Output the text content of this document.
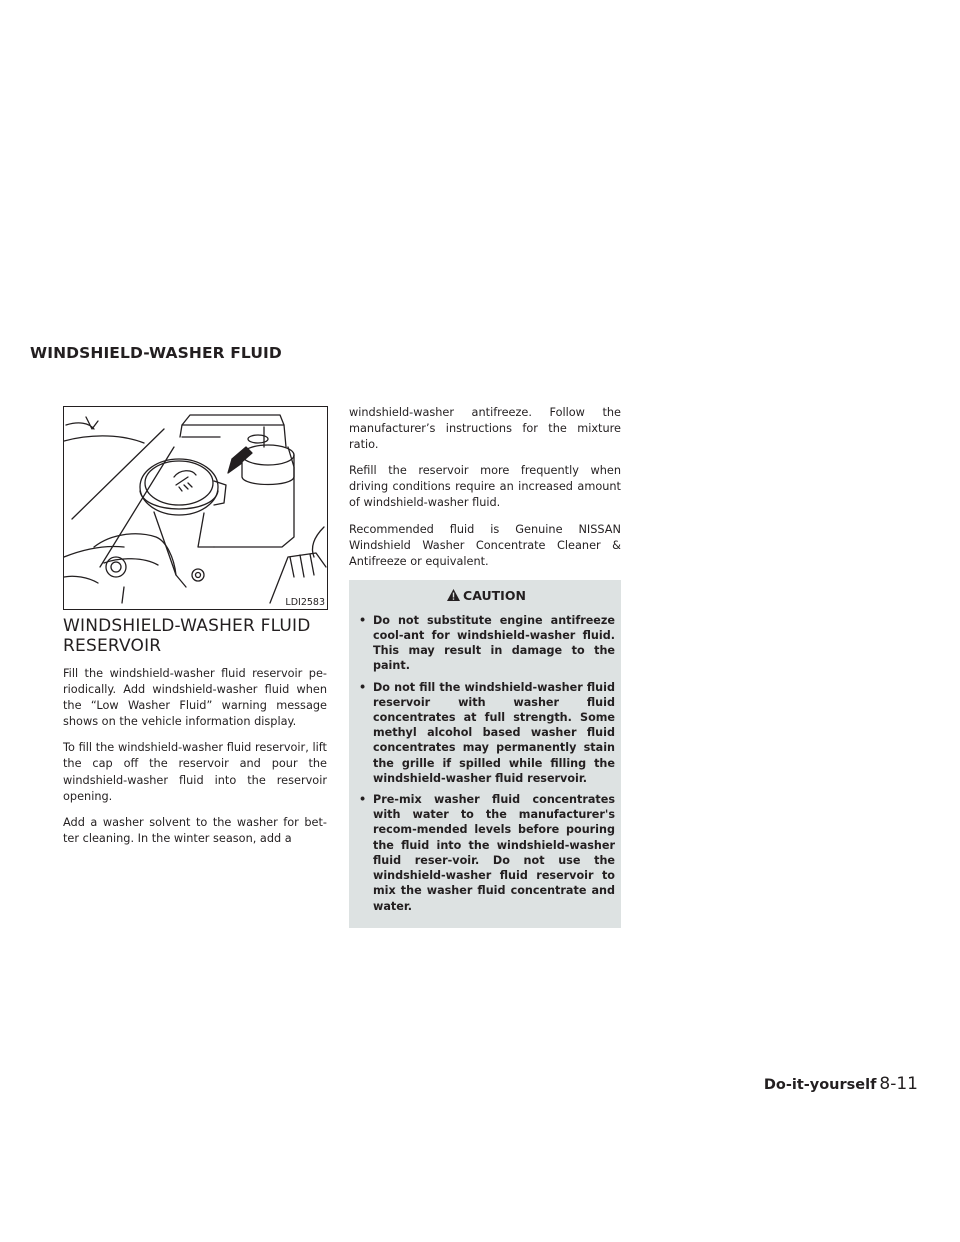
WINDSHIELD-WASHER FLUID
LDI2583
WINDSHIELD-WASHER FLUID RESERVOIR

Fill the windshield-washer fluid reservoir pe-riodically. Add windshield-washer fluid when the “Low Washer Fluid” warning message shows on the vehicle information display.

To fill the windshield-washer fluid reservoir, lift the cap off the reservoir and pour the windshield-washer fluid into the reservoir opening.

Add a washer solvent to the washer for bet-ter cleaning. In the winter season, add a

windshield-washer antifreeze. Follow the manufacturer’s instructions for the mixture ratio.

Refill the reservoir more frequently when driving conditions require an increased amount of windshield-washer fluid.

Recommended fluid is Genuine NISSAN Windshield Washer Concentrate Cleaner & Antifreeze or equivalent.

CAUTION
• Do not substitute engine antifreeze cool-ant for windshield-washer fluid. This may result in damage to the paint.
• Do not fill the windshield-washer fluid reservoir with washer fluid concentrates at full strength. Some methyl alcohol based washer fluid concentrates may permanently stain the grille if spilled while filling the windshield-washer fluid reservoir.
• Pre-mix washer fluid concentrates with water to the manufacturer's recom-mended levels before pouring the fluid into the windshield-washer fluid reser-voir. Do not use the windshield-washer fluid reservoir to mix the washer fluid concentrate and water.
Do-it-yourself 8-11
